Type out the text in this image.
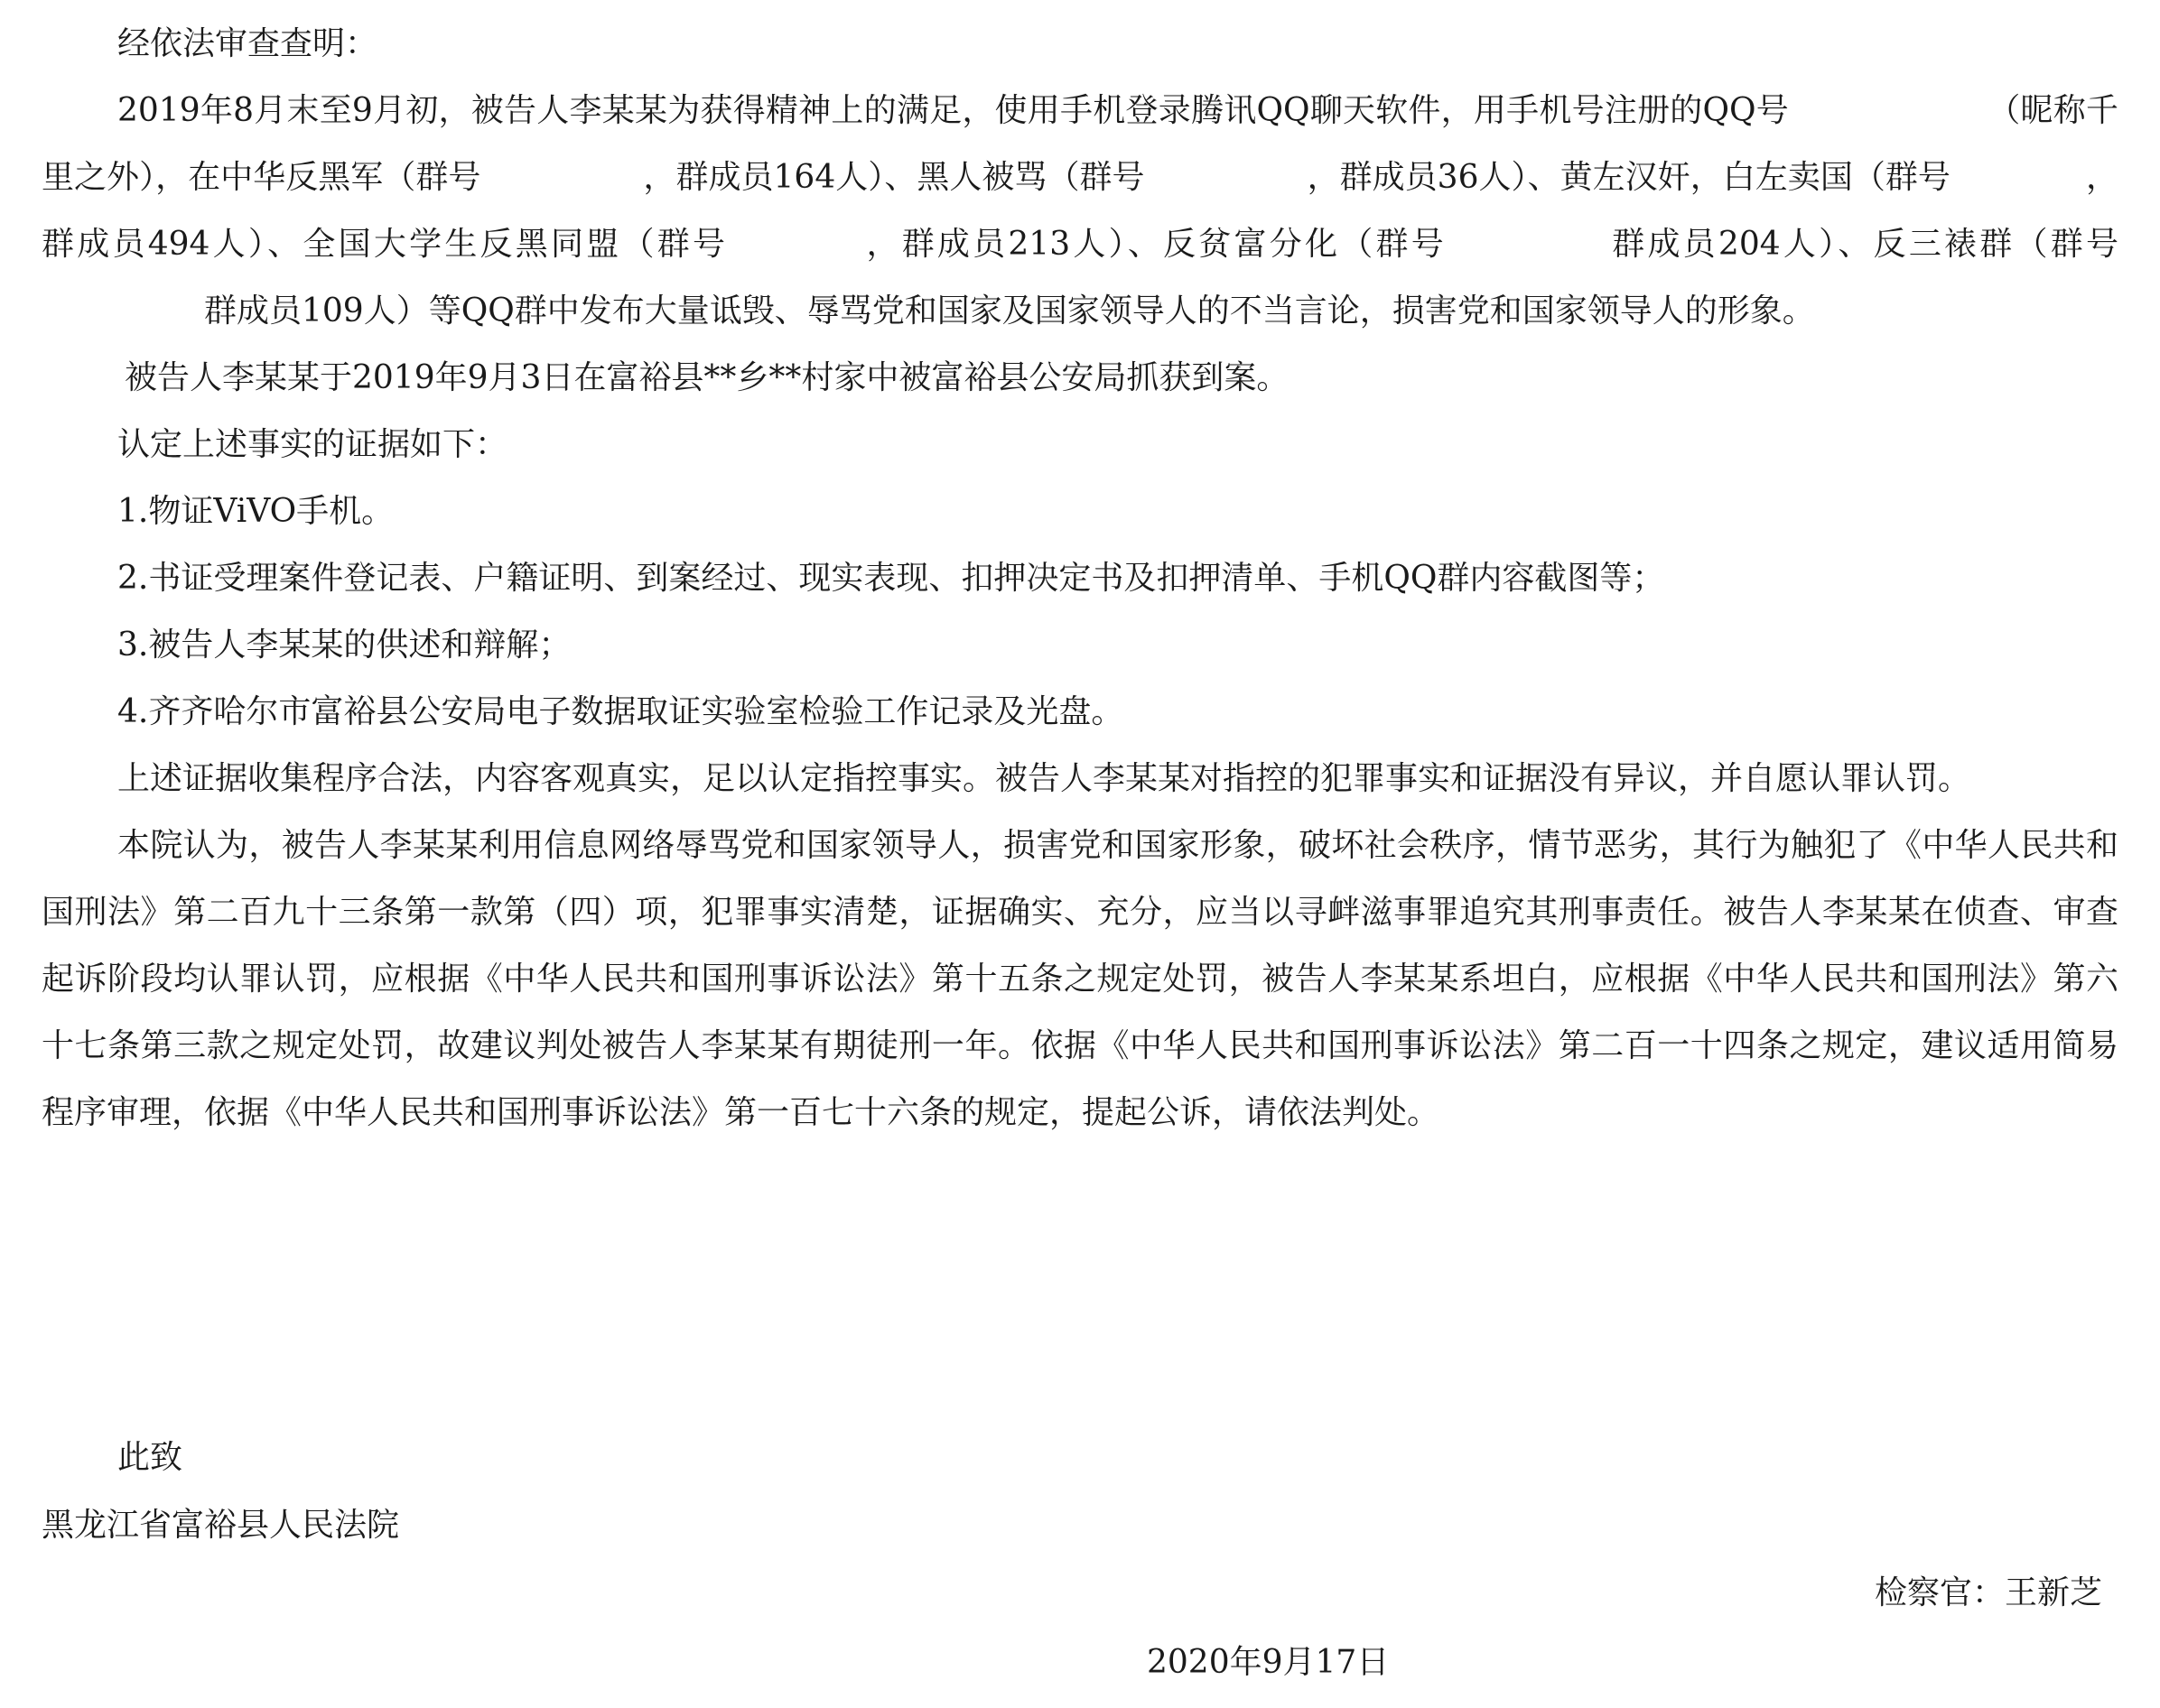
经依法审查查明：

2019年8月末至9月初，被告人李某某为获得精神上的满足，使用手机登录腾讯QQ聊天软件，用手机号注册的QQ号	（昵称千里之外），在中华反黑军（群号	，群成员164人）、黑人被骂（群号	，群成员36人）、黄左汉奸，白左卖国（群号	，群成员494人）、全国大学生反黑同盟（群号	，群成员213人）、反贫富分化（群号	群成员204人）、反三裱群（群号群成员109人）等QQ群中发布大量诋毁、辱骂党和国家及国家领导人的不当言论，损害党和国家领导人的形象。

被告人李某某于2019年9月3日在富裕县**乡**村家中被富裕县公安局抓获到案。

认定上述事实的证据如下：

1.物证ViVO手机。

2.书证受理案件登记表、户籍证明、到案经过、现实表现、扣押决定书及扣押清单、手机QQ群内容截图等；

3.被告人李某某的供述和辩解；

4.齐齐哈尔市富裕县公安局电子数据取证实验室检验工作记录及光盘。

上述证据收集程序合法，内容客观真实，足以认定指控事实。被告人李某某对指控的犯罪事实和证据没有异议，并自愿认罪认罚。

本院认为，被告人李某某利用信息网络辱骂党和国家领导人，损害党和国家形象，破坏社会秩序，情节恶劣，其行为触犯了《中华人民共和国刑法》第二百九十三条第一款第（四）项，犯罪事实清楚，证据确实、充分，应当以寻衅滋事罪追究其刑事责任。被告人李某某在侦查、审查起诉阶段均认罪认罚，应根据《中华人民共和国刑事诉讼法》第十五条之规定处罚，被告人李某某系坦白，应根据《中华人民共和国刑法》第六十七条第三款之规定处罚，故建议判处被告人李某某有期徒刑一年。依据《中华人民共和国刑事诉讼法》第二百一十四条之规定，建议适用简易程序审理，依据《中华人民共和国刑事诉讼法》第一百七十六条的规定，提起公诉，请依法判处。

此致
黑龙江省富裕县人民法院
检察官：王新芝
2020年9月17日
